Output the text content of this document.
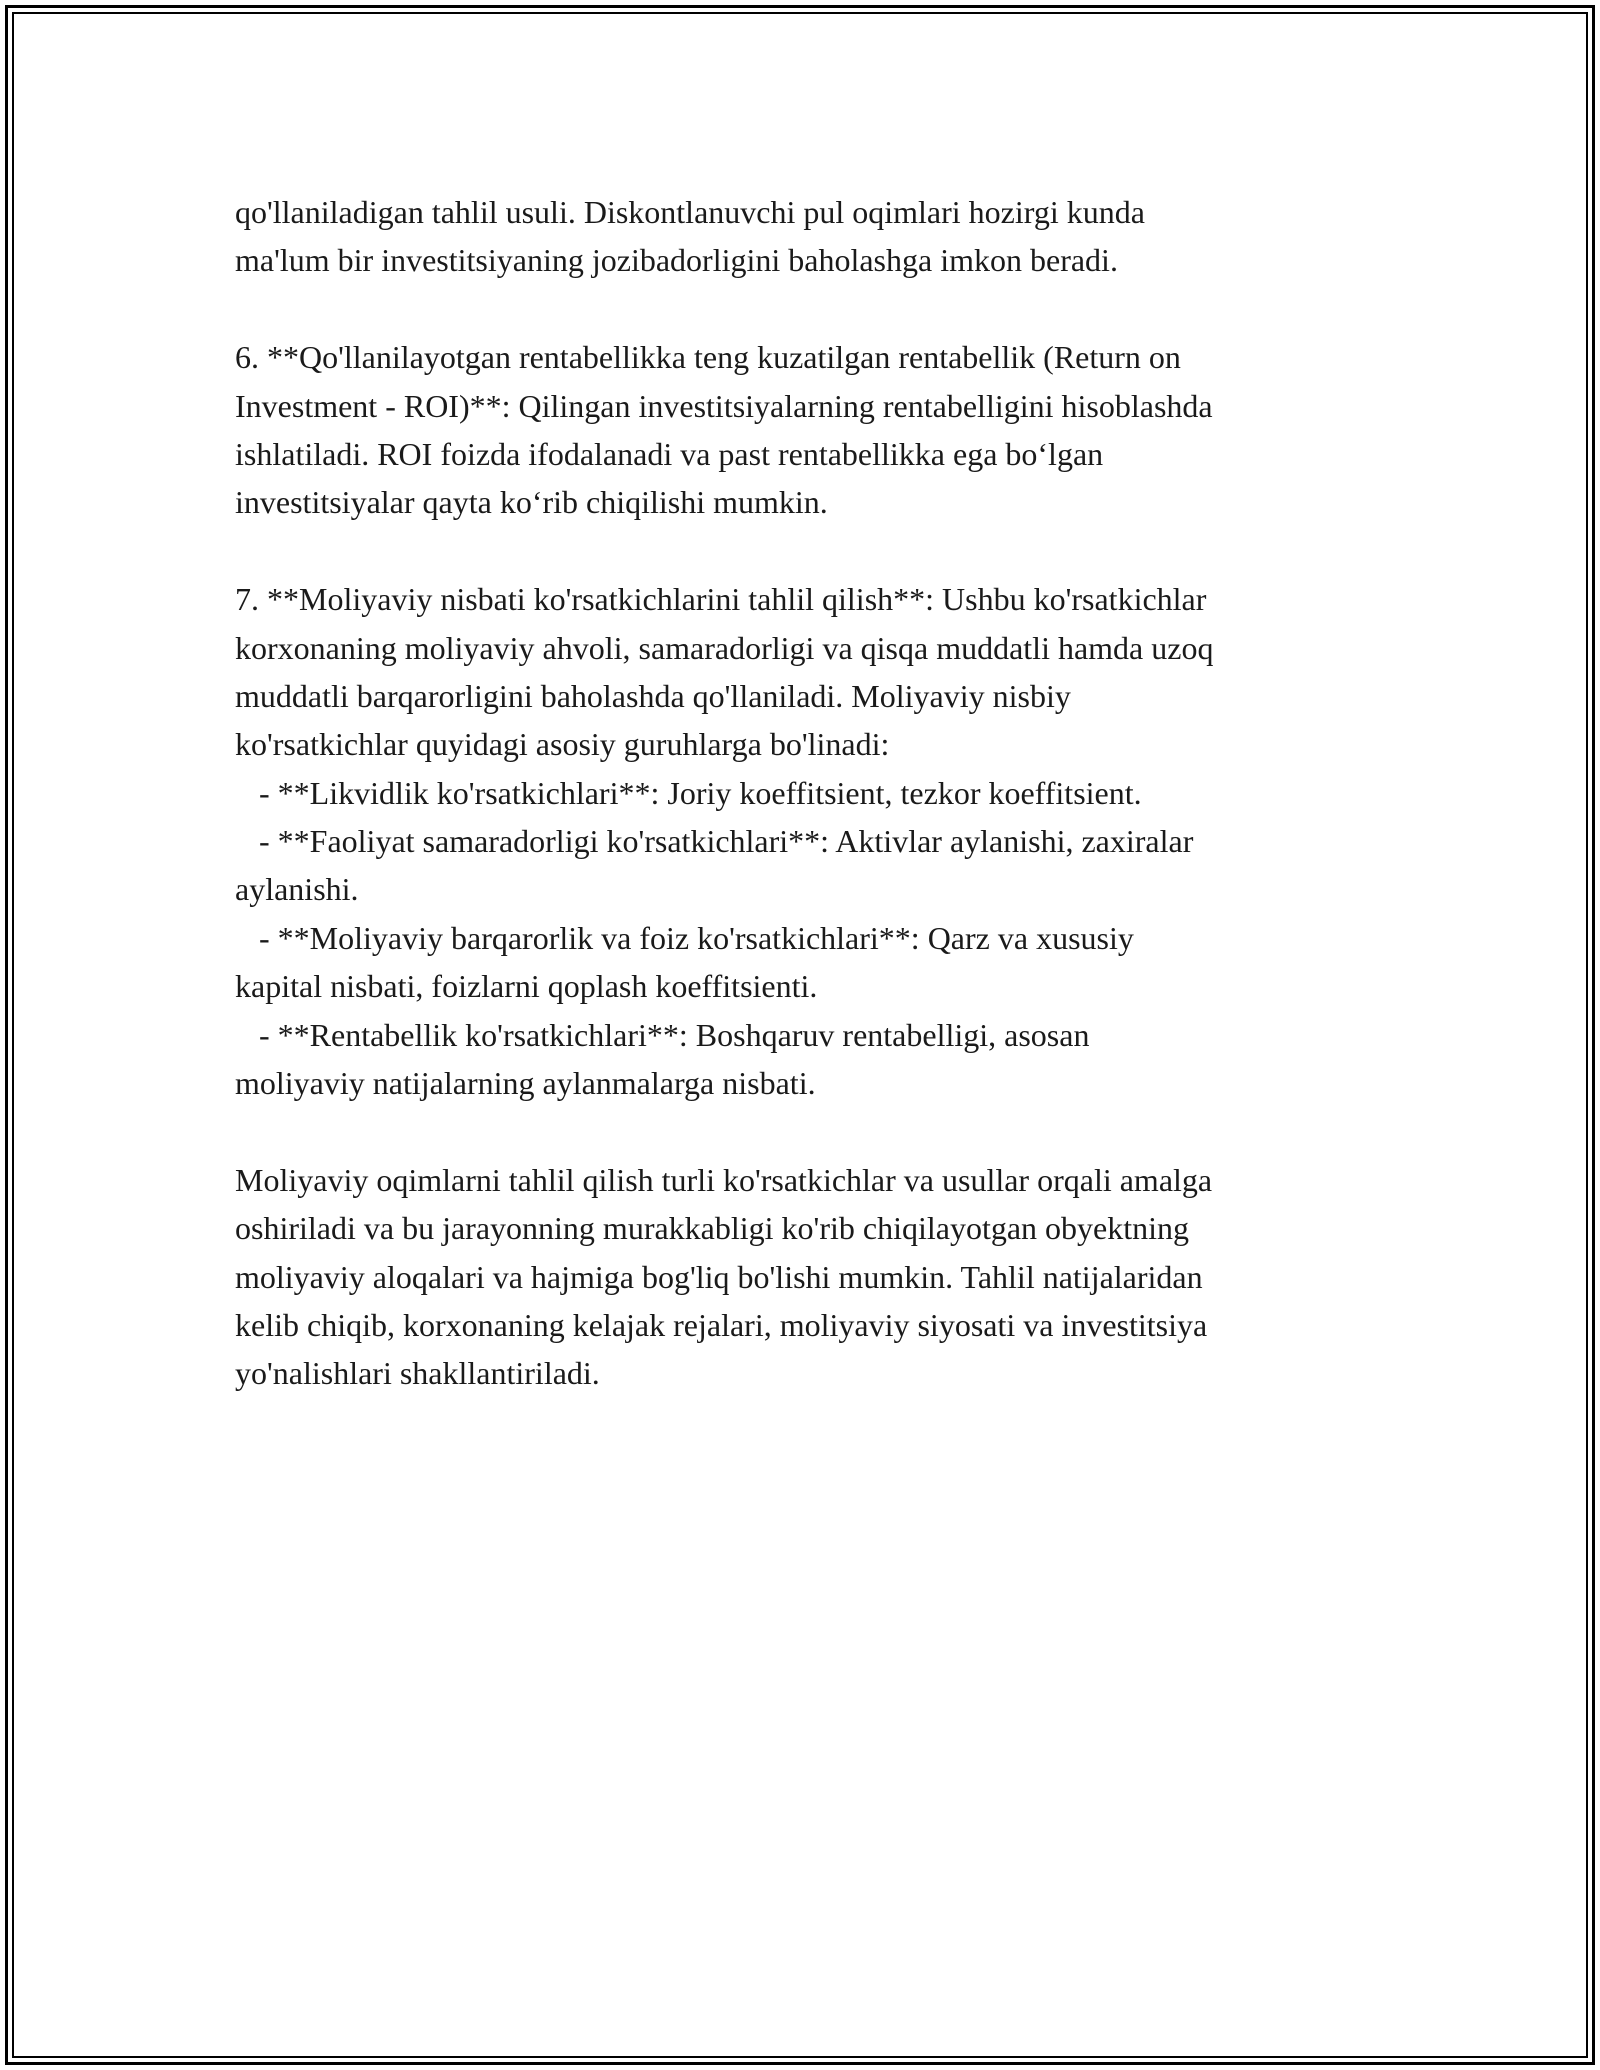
qo'llaniladigan tahlil usuli. Diskontlanuvchi pul oqimlari hozirgi kunda
ma'lum bir investitsiyaning jozibadorligini baholashga imkon beradi.
6. **Qo'llanilayotgan rentabellikka teng kuzatilgan rentabellik (Return on
Investment - ROI)**: Qilingan investitsiyalarning rentabelligini hisoblashda
ishlatiladi. ROI foizda ifodalanadi va past rentabellikka ega bo‘lgan
investitsiyalar qayta ko‘rib chiqilishi mumkin.
7. **Moliyaviy nisbati ko'rsatkichlarini tahlil qilish**: Ushbu ko'rsatkichlar
korxonaning moliyaviy ahvoli, samaradorligi va qisqa muddatli hamda uzoq
muddatli barqarorligini baholashda qo'llaniladi. Moliyaviy nisbiy
ko'rsatkichlar quyidagi asosiy guruhlarga bo'linadi:
- **Likvidlik ko'rsatkichlari**: Joriy koeffitsient, tezkor koeffitsient.
- **Faoliyat samaradorligi ko'rsatkichlari**: Aktivlar aylanishi, zaxiralar
aylanishi.
- **Moliyaviy barqarorlik va foiz ko'rsatkichlari**: Qarz va xususiy
kapital nisbati, foizlarni qoplash koeffitsienti.
- **Rentabellik ko'rsatkichlari**: Boshqaruv rentabelligi, asosan
moliyaviy natijalarning aylanmalarga nisbati.
Moliyaviy oqimlarni tahlil qilish turli ko'rsatkichlar va usullar orqali amalga
oshiriladi va bu jarayonning murakkabligi ko'rib chiqilayotgan obyektning
moliyaviy aloqalari va hajmiga bog'liq bo'lishi mumkin. Tahlil natijalaridan
kelib chiqib, korxonaning kelajak rejalari, moliyaviy siyosati va investitsiya
yo'nalishlari shakllantiriladi.
